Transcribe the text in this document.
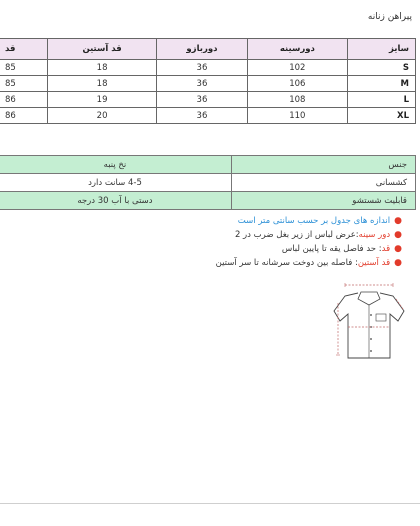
پیراهن زنانه
سایز	دورسینه	دوربازو	قد آستین	قد
S	102	36	18	85
M	106	36	18	85
L	108	36	19	86
XL	110	36	20	86
جنس	نخ پنبه
کشسانی	4-5 سانت دارد
قابلیت شستشو	دستی با آب 30 درجه
●
اندازه های جدول بر حسب سانتی متر است
●
دور سینه
:عرض لباس از زیر بغل ضرب در 2
●
قد
: حد فاصل یقه تا پایین لباس
●
قد آستین
: فاصله بین دوخت سرشانه تا سر آستین
